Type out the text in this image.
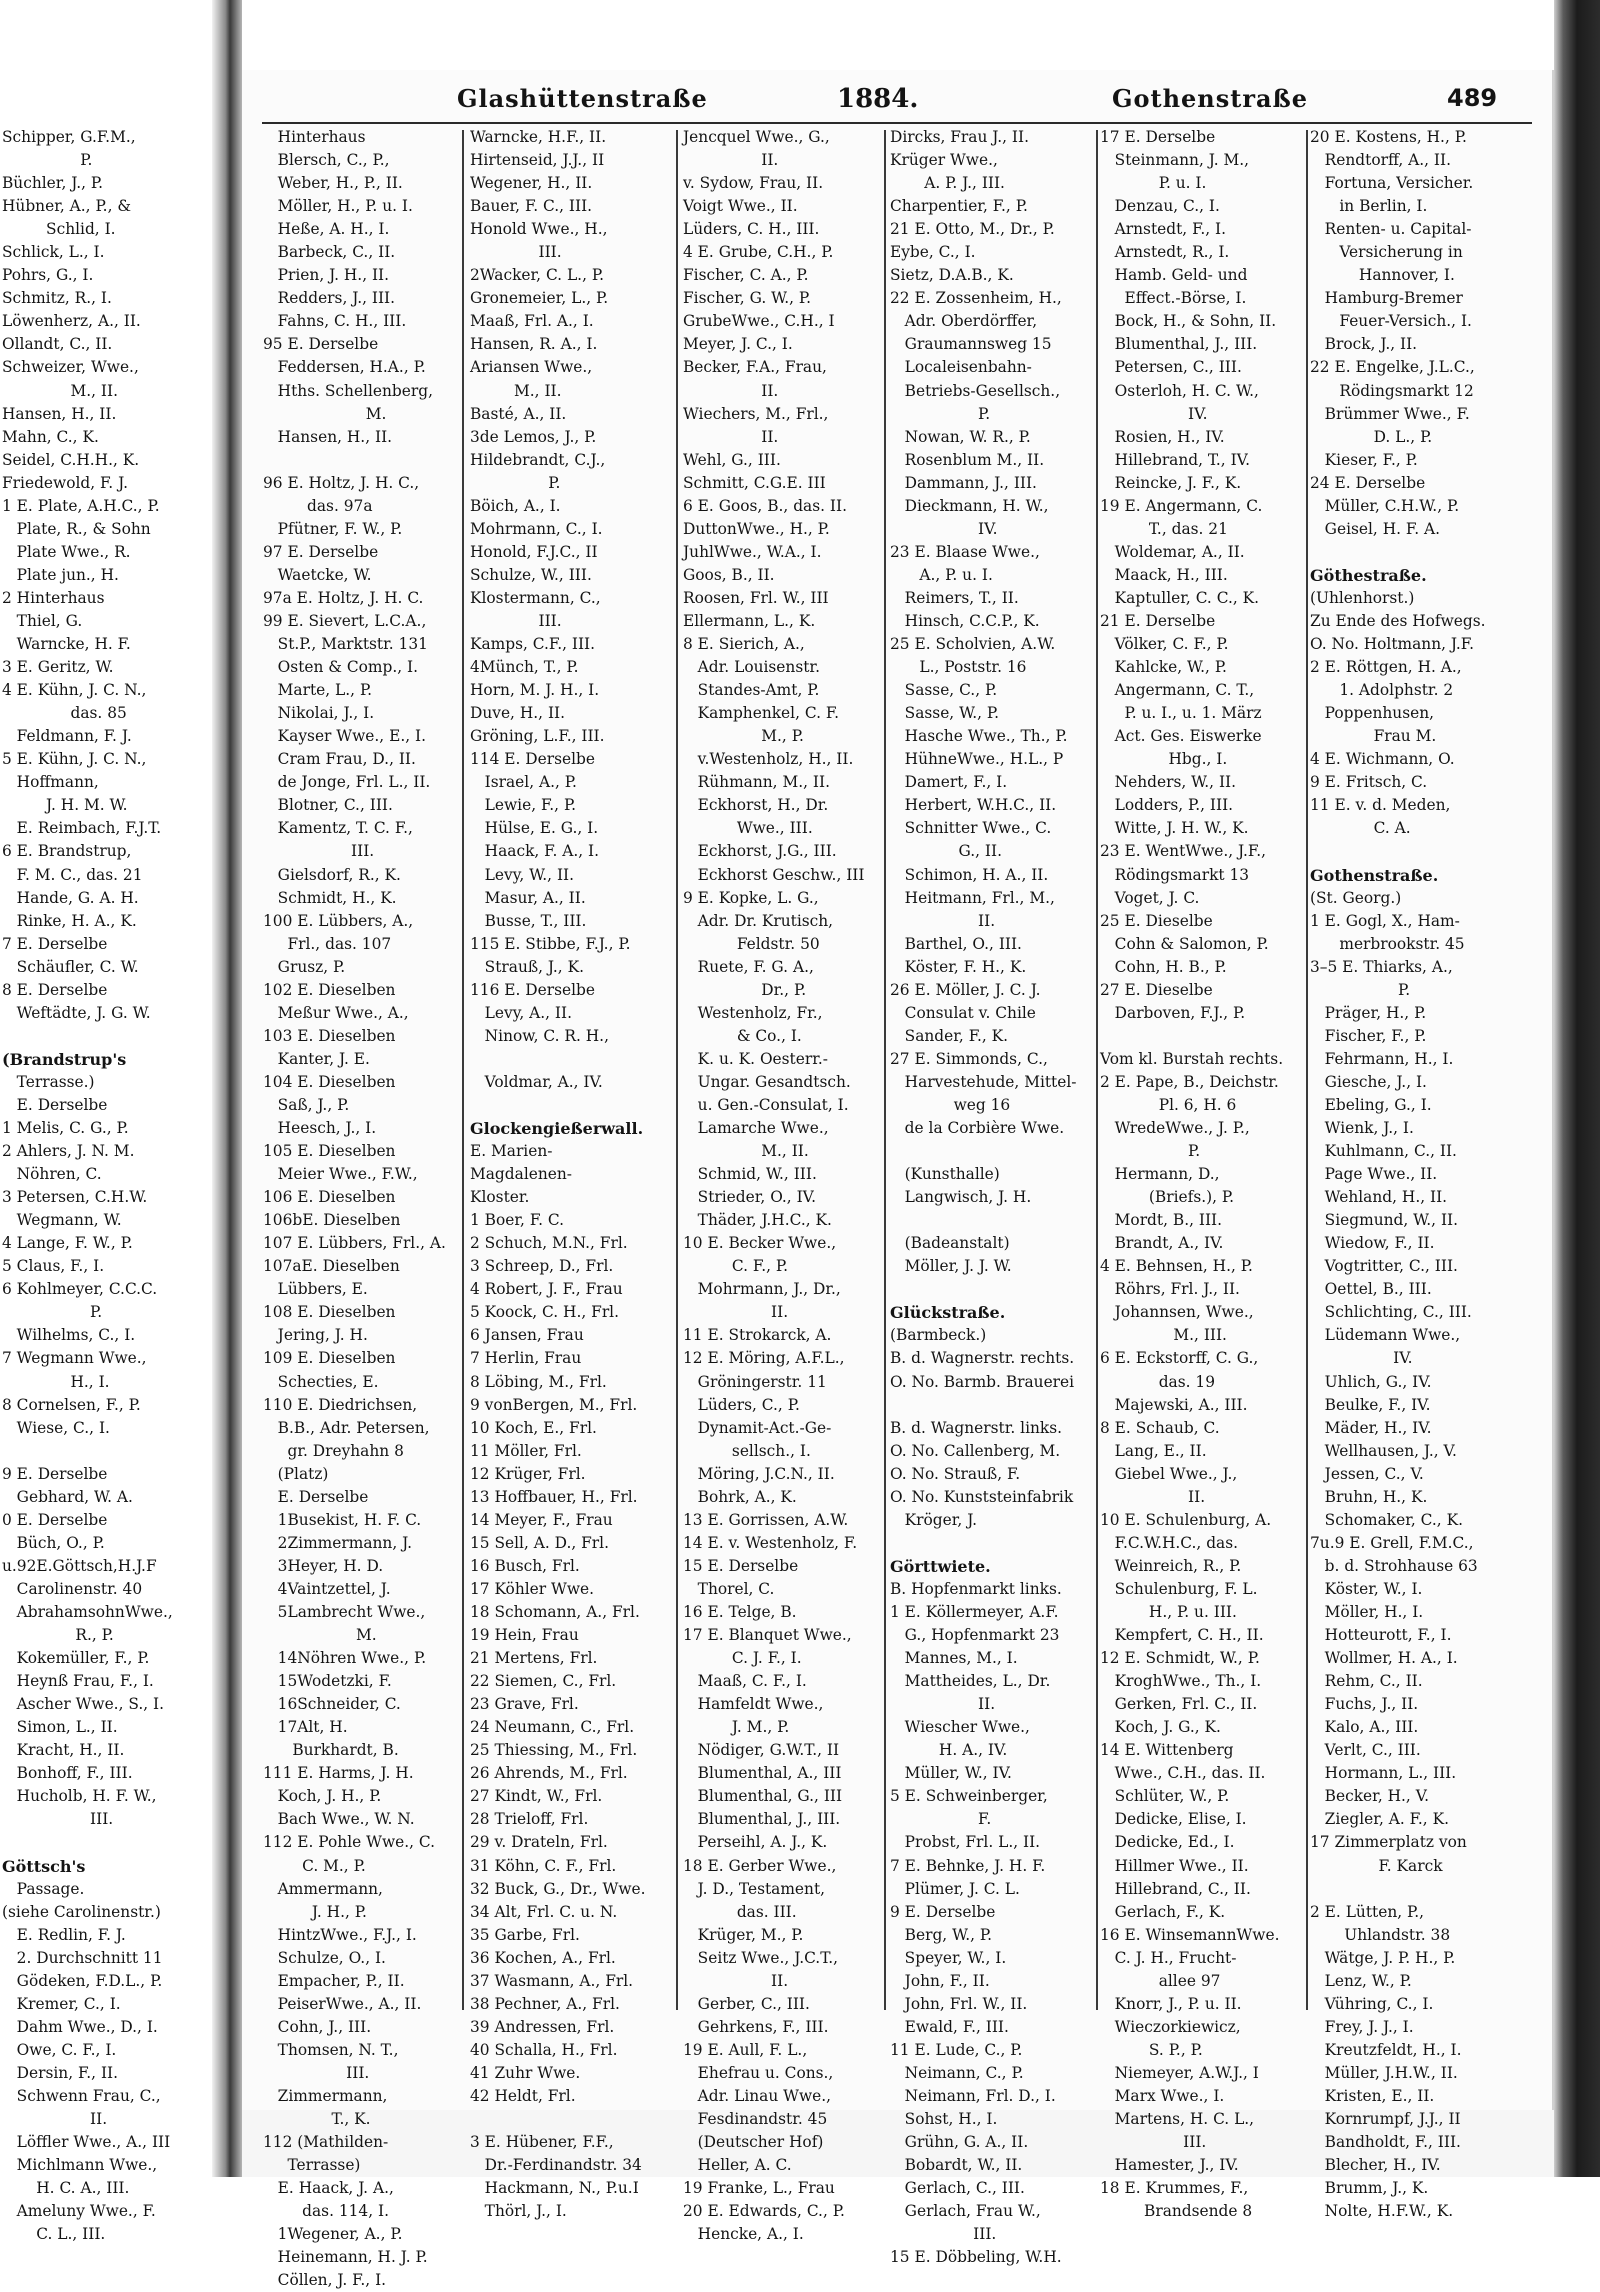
Glashüttenstraße	1884.	Gothenstraße	489
Schipper, G.F.M.,
P.
Büchler, J., P.
Hübner, A., P., &
Schlid, I.
Schlick, L., I.
Pohrs, G., I.
Schmitz, R., I.
Löwenherz, A., II.
Ollandt, C., II.
Schweizer, Wwe.,
M., II.
Hansen, H., II.
Mahn, C., K.
Seidel, C.H.H., K.
Friedewold, F. J.
1 E. Plate, A.H.C., P.
Plate, R., & Sohn
Plate Wwe., R.
Plate jun., H.
2 Hinterhaus
Thiel, G.
Warncke, H. F.
3 E. Geritz, W.
4 E. Kühn, J. C. N.,
das. 85
Feldmann, F. J.
5 E. Kühn, J. C. N.,
Hoffmann,
J. H. M. W.
E. Reimbach, F.J.T.
6 E. Brandstrup,
F. M. C., das. 21
Hande, G. A. H.
Rinke, H. A., K.
7 E. Derselbe
Schäufler, C. W.
8 E. Derselbe
Weftädte, J. G. W.
(Brandstrup's
Terrasse.)
E. Derselbe
1 Melis, C. G., P.
2 Ahlers, J. N. M.
Nöhren, C.
3 Petersen, C.H.W.
Wegmann, W.
4 Lange, F. W., P.
5 Claus, F., I.
6 Kohlmeyer, C.C.C.
P.
Wilhelms, C., I.
7 Wegmann Wwe.,
H., I.
8 Cornelsen, F., P.
Wiese, C., I.
9 E. Derselbe
Gebhard, W. A.
0 E. Derselbe
Büch, O., P.
u.92E.Göttsch,H.J.F
Carolinenstr. 40
AbrahamsohnWwe.,
R., P.
Kokemüller, F., P.
Heynß Frau, F., I.
Ascher Wwe., S., I.
Simon, L., II.
Kracht, H., II.
Bonhoff, F., III.
Hucholb, H. F. W.,
III.
Göttsch's
Passage.
(siehe Carolinenstr.)
E. Redlin, F. J.
2. Durchschnitt 11
Gödeken, F.D.L., P.
Kremer, C., I.
Dahm Wwe., D., I.
Owe, C. F., I.
Dersin, F., II.
Schwenn Frau, C.,
II.
Löffler Wwe., A., III
Michlmann Wwe.,
H. C. A., III.
Ameluny Wwe., F.
C. L., III.
Hinterhaus
Blersch, C., P.,
Weber, H., P., II.
Möller, H., P. u. I.
Heße, A. H., I.
Barbeck, C., II.
Prien, J. H., II.
Redders, J., III.
Fahns, C. H., III.
95 E. Derselbe
Feddersen, H.A., P.
Hths. Schellenberg,
M.
Hansen, H., II.
96 E. Holtz, J. H. C.,
das. 97a
Pfütner, F. W., P.
97 E. Derselbe
Waetcke, W.
97a E. Holtz, J. H. C.
99 E. Sievert, L.C.A.,
St.P., Marktstr. 131
Osten & Comp., I.
Marte, L., P.
Nikolai, J., I.
Kayser Wwe., E., I.
Cram Frau, D., II.
de Jonge, Frl. L., II.
Blotner, C., III.
Kamentz, T. C. F.,
III.
Gielsdorf, R., K.
Schmidt, H., K.
100 E. Lübbers, A.,
Frl., das. 107
Grusz, P.
102 E. Dieselben
Meßur Wwe., A.,
103 E. Dieselben
Kanter, J. E.
104 E. Dieselben
Saß, J., P.
Heesch, J., I.
105 E. Dieselben
Meier Wwe., F.W.,
106 E. Dieselben
106bE. Dieselben
107 E. Lübbers, Frl., A.
107aE. Dieselben
Lübbers, E.
108 E. Dieselben
Jering, J. H.
109 E. Dieselben
Schecties, E.
110 E. Diedrichsen,
B.B., Adr. Petersen,
gr. Dreyhahn 8
(Platz)
E. Derselbe
1Busekist, H. F. C.
2Zimmermann, J.
3Heyer, H. D.
4Vaintzettel, J.
5Lambrecht Wwe.,
M.
14Nöhren Wwe., P.
15Wodetzki, F.
16Schneider, C.
17Alt, H.
Burkhardt, B.
111 E. Harms, J. H.
Koch, J. H., P.
Bach Wwe., W. N.
112 E. Pohle Wwe., C.
C. M., P.
Ammermann,
J. H., P.
HintzWwe., F.J., I.
Schulze, O., I.
Empacher, P., II.
PeiserWwe., A., II.
Cohn, J., III.
Thomsen, N. T.,
III.
Zimmermann,
T., K.
112 (Mathilden-
Terrasse)
E. Haack, J. A.,
das. 114, I.
1Wegener, A., P.
Heinemann, H. J. P.
Cöllen, J. F., I.
Warncke, H.F., II.
Hirtenseid, J.J., II
Wegener, H., II.
Bauer, F. C., III.
Honold Wwe., H.,
III.
2Wacker, C. L., P.
Gronemeier, L., P.
Maaß, Frl. A., I.
Hansen, R. A., I.
Ariansen Wwe.,
M., II.
Basté, A., II.
3de Lemos, J., P.
Hildebrandt, C.J.,
P.
Böich, A., I.
Mohrmann, C., I.
Honold, F.J.C., II
Schulze, W., III.
Klostermann, C.,
III.
Kamps, C.F., III.
4Münch, T., P.
Horn, M. J. H., I.
Duve, H., II.
Gröning, L.F., III.
114 E. Derselbe
Israel, A., P.
Lewie, F., P.
Hülse, E. G., I.
Haack, F. A., I.
Levy, W., II.
Masur, A., II.
Busse, T., III.
115 E. Stibbe, F.J., P.
Strauß, J., K.
116 E. Derselbe
Levy, A., II.
Ninow, C. R. H.,
Voldmar, A., IV.
Glockengießerwall.
E. Marien-
Magdalenen-
Kloster.
1 Boer, F. C.
2 Schuch, M.N., Frl.
3 Schreep, D., Frl.
4 Robert, J. F., Frau
5 Koock, C. H., Frl.
6 Jansen, Frau
7 Herlin, Frau
8 Löbing, M., Frl.
9 vonBergen, M., Frl.
10 Koch, E., Frl.
11 Möller, Frl.
12 Krüger, Frl.
13 Hoffbauer, H., Frl.
14 Meyer, F., Frau
15 Sell, A. D., Frl.
16 Busch, Frl.
17 Köhler Wwe.
18 Schomann, A., Frl.
19 Hein, Frau
21 Mertens, Frl.
22 Siemen, C., Frl.
23 Grave, Frl.
24 Neumann, C., Frl.
25 Thiessing, M., Frl.
26 Ahrends, M., Frl.
27 Kindt, W., Frl.
28 Trieloff, Frl.
29 v. Drateln, Frl.
31 Köhn, C. F., Frl.
32 Buck, G., Dr., Wwe.
34 Alt, Frl. C. u. N.
35 Garbe, Frl.
36 Kochen, A., Frl.
37 Wasmann, A., Frl.
38 Pechner, A., Frl.
39 Andressen, Frl.
40 Schalla, H., Frl.
41 Zuhr Wwe.
42 Heldt, Frl.
3 E. Hübener, F.F.,
Dr.-Ferdinandstr. 34
Hackmann, N., P.u.I
Thörl, J., I.
Jencquel Wwe., G.,
II.
v. Sydow, Frau, II.
Voigt Wwe., II.
Lüders, C. H., III.
4 E. Grube, C.H., P.
Fischer, C. A., P.
Fischer, G. W., P.
GrubeWwe., C.H., I
Meyer, J. C., I.
Becker, F.A., Frau,
II.
Wiechers, M., Frl.,
II.
Wehl, G., III.
Schmitt, C.G.E. III
6 E. Goos, B., das. II.
DuttonWwe., H., P.
JuhlWwe., W.A., I.
Goos, B., II.
Roosen, Frl. W., III
Ellermann, L., K.
8 E. Sierich, A.,
Adr. Louisenstr.
Standes-Amt, P.
Kamphenkel, C. F.
M., P.
v.Westenholz, H., II.
Rühmann, M., II.
Eckhorst, H., Dr.
Wwe., III.
Eckhorst, J.G., III.
Eckhorst Geschw., III
9 E. Kopke, L. G.,
Adr. Dr. Krutisch,
Feldstr. 50
Ruete, F. G. A.,
Dr., P.
Westenholz, Fr.,
& Co., I.
K. u. K. Oesterr.-
Ungar. Gesandtsch.
u. Gen.-Consulat, I.
Lamarche Wwe.,
M., II.
Schmid, W., III.
Strieder, O., IV.
Thäder, J.H.C., K.
10 E. Becker Wwe.,
C. F., P.
Mohrmann, J., Dr.,
II.
11 E. Strokarck, A.
12 E. Möring, A.F.L.,
Gröningerstr. 11
Lüders, C., P.
Dynamit-Act.-Ge-
sellsch., I.
Möring, J.C.N., II.
Bohrk, A., K.
13 E. Gorrissen, A.W.
14 E. v. Westenholz, F.
15 E. Derselbe
Thorel, C.
16 E. Telge, B.
17 E. Blanquet Wwe.,
C. J. F., I.
Maaß, C. F., I.
Hamfeldt Wwe.,
J. M., P.
Nödiger, G.W.T., II
Blumenthal, A., III
Blumenthal, G., III
Blumenthal, J., III.
Perseihl, A. J., K.
18 E. Gerber Wwe.,
J. D., Testament,
das. III.
Krüger, M., P.
Seitz Wwe., J.C.T.,
II.
Gerber, C., III.
Gehrkens, F., III.
19 E. Aull, F. L.,
Ehefrau u. Cons.,
Adr. Linau Wwe.,
Fesdinandstr. 45
(Deutscher Hof)
Heller, A. C.
19 Franke, L., Frau
20 E. Edwards, C., P.
Hencke, A., I.
Dircks, Frau J., II.
Krüger Wwe.,
A. P. J., III.
Charpentier, F., P.
21 E. Otto, M., Dr., P.
Eybe, C., I.
Sietz, D.A.B., K.
22 E. Zossenheim, H.,
Adr. Oberdörffer,
Graumannsweg 15
Localeisenbahn-
Betriebs-Gesellsch.,
P.
Nowan, W. R., P.
Rosenblum M., II.
Dammann, J., III.
Dieckmann, H. W.,
IV.
23 E. Blaase Wwe.,
A., P. u. I.
Reimers, T., II.
Hinsch, C.C.P., K.
25 E. Scholvien, A.W.
L., Poststr. 16
Sasse, C., P.
Sasse, W., P.
Hasche Wwe., Th., P.
HühneWwe., H.L., P
Damert, F., I.
Herbert, W.H.C., II.
Schnitter Wwe., C.
G., II.
Schimon, H. A., II.
Heitmann, Frl., M.,
II.
Barthel, O., III.
Köster, F. H., K.
26 E. Möller, J. C. J.
Consulat v. Chile
Sander, F., K.
27 E. Simmonds, C.,
Harvestehude, Mittel-
weg 16
de la Corbière Wwe.
(Kunsthalle)
Langwisch, J. H.
(Badeanstalt)
Möller, J. J. W.
Glückstraße.
(Barmbeck.)
B. d. Wagnerstr. rechts.
O. No. Barmb. Brauerei
B. d. Wagnerstr. links.
O. No. Callenberg, M.
O. No. Strauß, F.
O. No. Kunststeinfabrik
Kröger, J.
Görttwiete.
B. Hopfenmarkt links.
1 E. Köllermeyer, A.F.
G., Hopfenmarkt 23
Mannes, M., I.
Mattheides, L., Dr.
II.
Wiescher Wwe.,
H. A., IV.
Müller, W., IV.
5 E. Schweinberger,
F.
Probst, Frl. L., II.
7 E. Behnke, J. H. F.
Plümer, J. C. L.
9 E. Derselbe
Berg, W., P.
Speyer, W., I.
John, F., II.
John, Frl. W., II.
Ewald, F., III.
11 E. Lude, C., P.
Neimann, C., P.
Neimann, Frl. D., I.
Sohst, H., I.
Grühn, G. A., II.
Bobardt, W., II.
Gerlach, C., III.
Gerlach, Frau W.,
III.
15 E. Döbbeling, W.H.
17 E. Derselbe
Steinmann, J. M.,
P. u. I.
Denzau, C., I.
Arnstedt, F., I.
Arnstedt, R., I.
Hamb. Geld- und
Effect.-Börse, I.
Bock, H., & Sohn, II.
Blumenthal, J., III.
Petersen, C., III.
Osterloh, H. C. W.,
IV.
Rosien, H., IV.
Hillebrand, T., IV.
Reincke, J. F., K.
19 E. Angermann, C.
T., das. 21
Woldemar, A., II.
Maack, H., III.
Kaptuller, C. C., K.
21 E. Derselbe
Völker, C. F., P.
Kahlcke, W., P.
Angermann, C. T.,
P. u. I., u. 1. März
Act. Ges. Eiswerke
Hbg., I.
Nehders, W., II.
Lodders, P., III.
Witte, J. H. W., K.
23 E. WentWwe., J.F.,
Rödingsmarkt 13
Voget, J. C.
25 E. Dieselbe
Cohn & Salomon, P.
Cohn, H. B., P.
27 E. Dieselbe
Darboven, F.J., P.
Vom kl. Burstah rechts.
2 E. Pape, B., Deichstr.
Pl. 6, H. 6
WredeWwe., J. P.,
P.
Hermann, D.,
(Briefs.), P.
Mordt, B., III.
Brandt, A., IV.
4 E. Behnsen, H., P.
Röhrs, Frl. J., II.
Johannsen, Wwe.,
M., III.
6 E. Eckstorff, C. G.,
das. 19
Majewski, A., III.
8 E. Schaub, C.
Lang, E., II.
Giebel Wwe., J.,
II.
10 E. Schulenburg, A.
F.C.W.H.C., das.
Weinreich, R., P.
Schulenburg, F. L.
H., P. u. III.
Kempfert, C. H., II.
12 E. Schmidt, W., P.
KroghWwe., Th., I.
Gerken, Frl. C., II.
Koch, J. G., K.
14 E. Wittenberg
Wwe., C.H., das. II.
Schlüter, W., P.
Dedicke, Elise, I.
Dedicke, Ed., I.
Hillmer Wwe., II.
Hillebrand, C., II.
Gerlach, F., K.
16 E. WinsemannWwe.
C. J. H., Frucht-
allee 97
Knorr, J., P. u. II.
Wieczorkiewicz,
S. P., P.
Niemeyer, A.W.J., I
Marx Wwe., I.
Martens, H. C. L.,
III.
Hamester, J., IV.
18 E. Krummes, F.,
Brandsende 8
20 E. Kostens, H., P.
Rendtorff, A., II.
Fortuna, Versicher.
in Berlin, I.
Renten- u. Capital-
Versicherung in
Hannover, I.
Hamburg-Bremer
Feuer-Versich., I.
Brock, J., II.
22 E. Engelke, J.L.C.,
Rödingsmarkt 12
Brümmer Wwe., F.
D. L., P.
Kieser, F., P.
24 E. Derselbe
Müller, C.H.W., P.
Geisel, H. F. A.
Göthestraße.
(Uhlenhorst.)
Zu Ende des Hofwegs.
O. No. Holtmann, J.F.
2 E. Röttgen, H. A.,
1. Adolphstr. 2
Poppenhusen,
Frau M.
4 E. Wichmann, O.
9 E. Fritsch, C.
11 E. v. d. Meden,
C. A.
Gothenstraße.
(St. Georg.)
1 E. Gogl, X., Ham-
merbrookstr. 45
3–5 E. Thiarks, A.,
P.
Präger, H., P.
Fischer, F., P.
Fehrmann, H., I.
Giesche, J., I.
Ebeling, G., I.
Wienk, J., I.
Kuhlmann, C., II.
Page Wwe., II.
Wehland, H., II.
Siegmund, W., II.
Wiedow, F., II.
Vogtritter, C., III.
Oettel, B., III.
Schlichting, C., III.
Lüdemann Wwe.,
IV.
Uhlich, G., IV.
Beulke, F., IV.
Mäder, H., IV.
Wellhausen, J., V.
Jessen, C., V.
Bruhn, H., K.
Schomaker, C., K.
7u.9 E. Grell, F.M.C.,
b. d. Strohhause 63
Köster, W., I.
Möller, H., I.
Hotteurott, F., I.
Wollmer, H. A., I.
Rehm, C., II.
Fuchs, J., II.
Kalo, A., III.
Verlt, C., III.
Hormann, L., III.
Becker, H., V.
Ziegler, A. F., K.
17 Zimmerplatz von
F. Karck
2 E. Lütten, P.,
Uhlandstr. 38
Wätge, J. P. H., P.
Lenz, W., P.
Vühring, C., I.
Frey, J. J., I.
Kreutzfeldt, H., I.
Müller, J.H.W., II.
Kristen, E., II.
Kornrumpf, J.J., II
Bandholdt, F., III.
Blecher, H., IV.
Brumm, J., K.
Nolte, H.F.W., K.
